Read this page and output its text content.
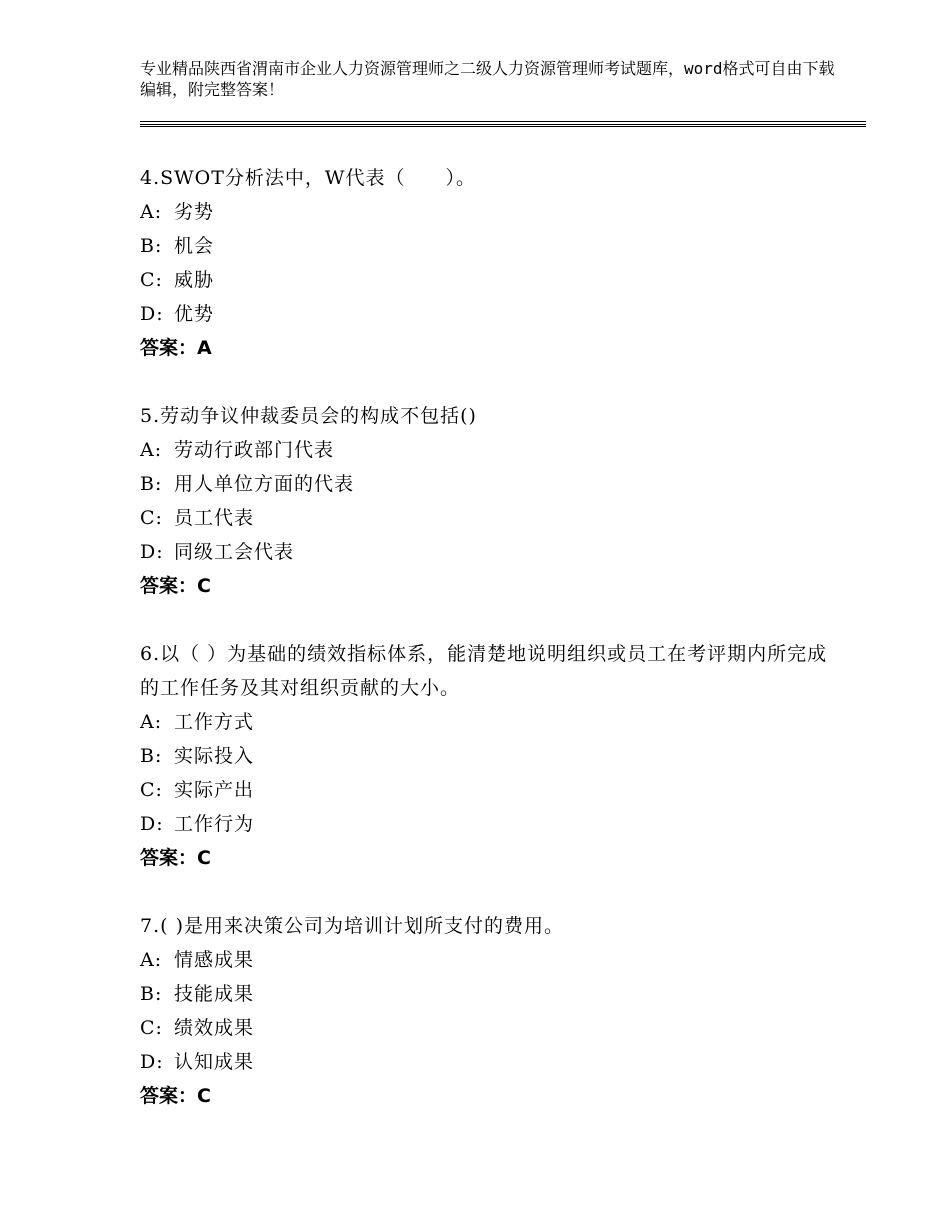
专业精品陕西省渭南市企业人力资源管理师之二级人力资源管理师考试题库，word格式可自由下载编辑，附完整答案！
4.SWOT分析法中，W代表（　　）。
A: 劣势
B: 机会
C: 威胁
D: 优势
答案：A
5.劳动争议仲裁委员会的构成不包括()
A: 劳动行政部门代表
B: 用人单位方面的代表
C: 员工代表
D: 同级工会代表
答案：C
6.以（ ）为基础的绩效指标体系，能清楚地说明组织或员工在考评期内所完成的工作任务及其对组织贡献的大小。
A: 工作方式
B: 实际投入
C: 实际产出
D: 工作行为
答案：C
7.( )是用来决策公司为培训计划所支付的费用。
A: 情感成果
B: 技能成果
C: 绩效成果
D: 认知成果
答案：C
